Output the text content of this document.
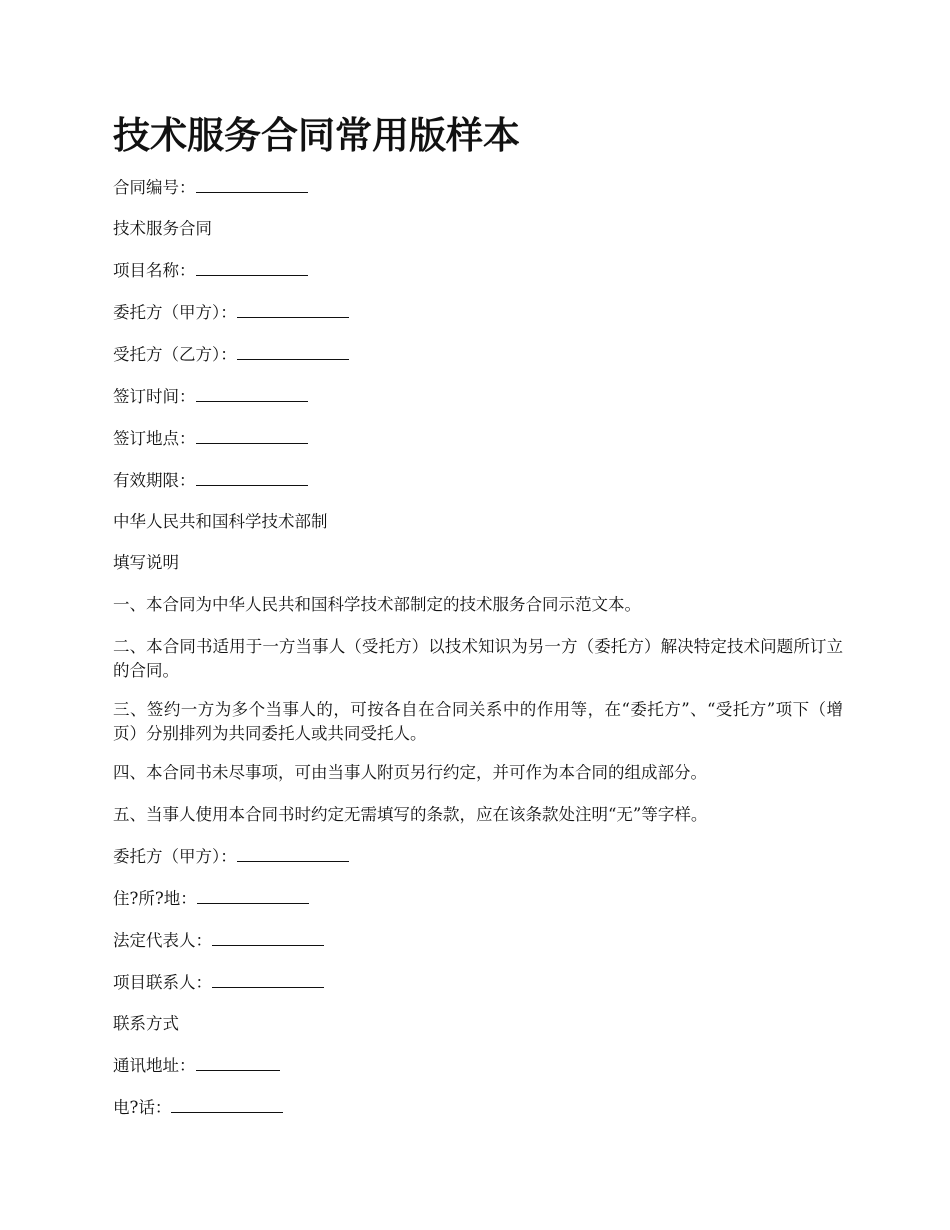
技术服务合同常用版样本
合同编号：
技术服务合同
项目名称：
委托方（甲方）：
受托方（乙方）：
签订时间：
签订地点：
有效期限：
中华人民共和国科学技术部制
填写说明
一、本合同为中华人民共和国科学技术部制定的技术服务合同示范文本。
二、本合同书适用于一方当事人（受托方）以技术知识为另一方（委托方）解决特定技术问题所订立的合同。
三、签约一方为多个当事人的，可按各自在合同关系中的作用等，在“委托方”、“受托方”项下（增页）分别排列为共同委托人或共同受托人。
四、本合同书未尽事项，可由当事人附页另行约定，并可作为本合同的组成部分。
五、当事人使用本合同书时约定无需填写的条款，应在该条款处注明“无”等字样。
委托方（甲方）：
住?所?地：
法定代表人：
项目联系人：
联系方式
通讯地址：
电?话：
